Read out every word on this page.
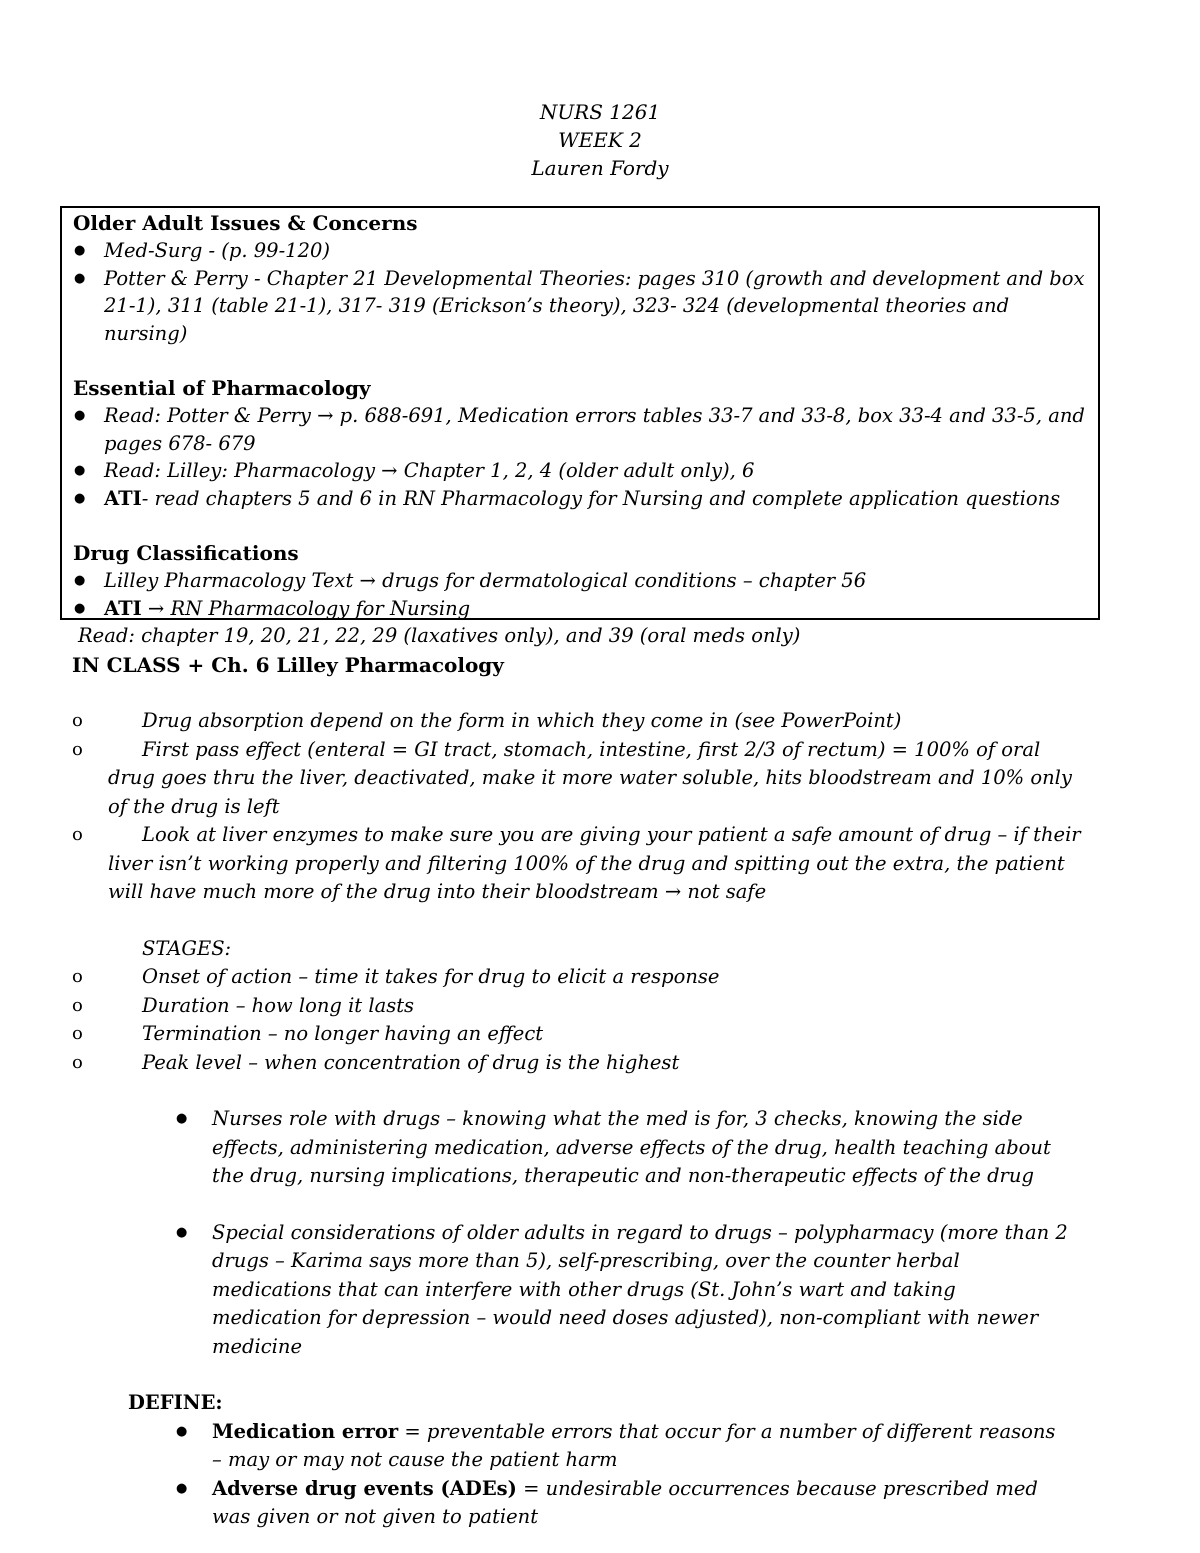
NURS 1261
WEEK 2
Lauren Fordy
Older Adult Issues & Concerns
● Med-Surg - (p. 99-120)
● Potter & Perry - Chapter 21 Developmental Theories: pages 310 (growth and development and box 21-1), 311 (table 21-1), 317- 319 (Erickson’s theory), 323- 324 (developmental theories and nursing)
Essential of Pharmacology
● Read: Potter & Perry → p. 688-691, Medication errors tables 33-7 and 33-8, box 33-4 and 33-5, and pages 678- 679
● Read: Lilley: Pharmacology → Chapter 1, 2, 4 (older adult only), 6
● ATI- read chapters 5 and 6 in RN Pharmacology for Nursing and complete application questions
Drug Classifications
● Lilley Pharmacology Text → drugs for dermatological conditions – chapter 56
● ATI → RN Pharmacology for Nursing
Read: chapter 19, 20, 21, 22, 29 (laxatives only), and 39 (oral meds only)
IN CLASS + Ch. 6 Lilley Pharmacology
o	Drug absorption depend on the form in which they come in (see PowerPoint)
o	First pass effect (enteral = GI tract, stomach, intestine, first 2/3 of rectum) = 100% of oral drug goes thru the liver, deactivated, make it more water soluble, hits bloodstream and 10% only of the drug is left
o	Look at liver enzymes to make sure you are giving your patient a safe amount of drug – if their liver isn’t working properly and filtering 100% of the drug and spitting out the extra, the patient will have much more of the drug into their bloodstream → not safe
STAGES:
o	Onset of action – time it takes for drug to elicit a response
o	Duration – how long it lasts
o	Termination – no longer having an effect
o	Peak level – when concentration of drug is the highest
● Nurses role with drugs – knowing what the med is for, 3 checks, knowing the side effects, administering medication, adverse effects of the drug, health teaching about the drug, nursing implications, therapeutic and non-therapeutic effects of the drug
● Special considerations of older adults in regard to drugs – polypharmacy (more than 2 drugs – Karima says more than 5), self-prescribing, over the counter herbal medications that can interfere with other drugs (St. John’s wart and taking medication for depression – would need doses adjusted), non-compliant with newer medicine
DEFINE:
● Medication error = preventable errors that occur for a number of different reasons – may or may not cause the patient harm
● Adverse drug events (ADEs) = undesirable occurrences because prescribed med was given or not given to patient
